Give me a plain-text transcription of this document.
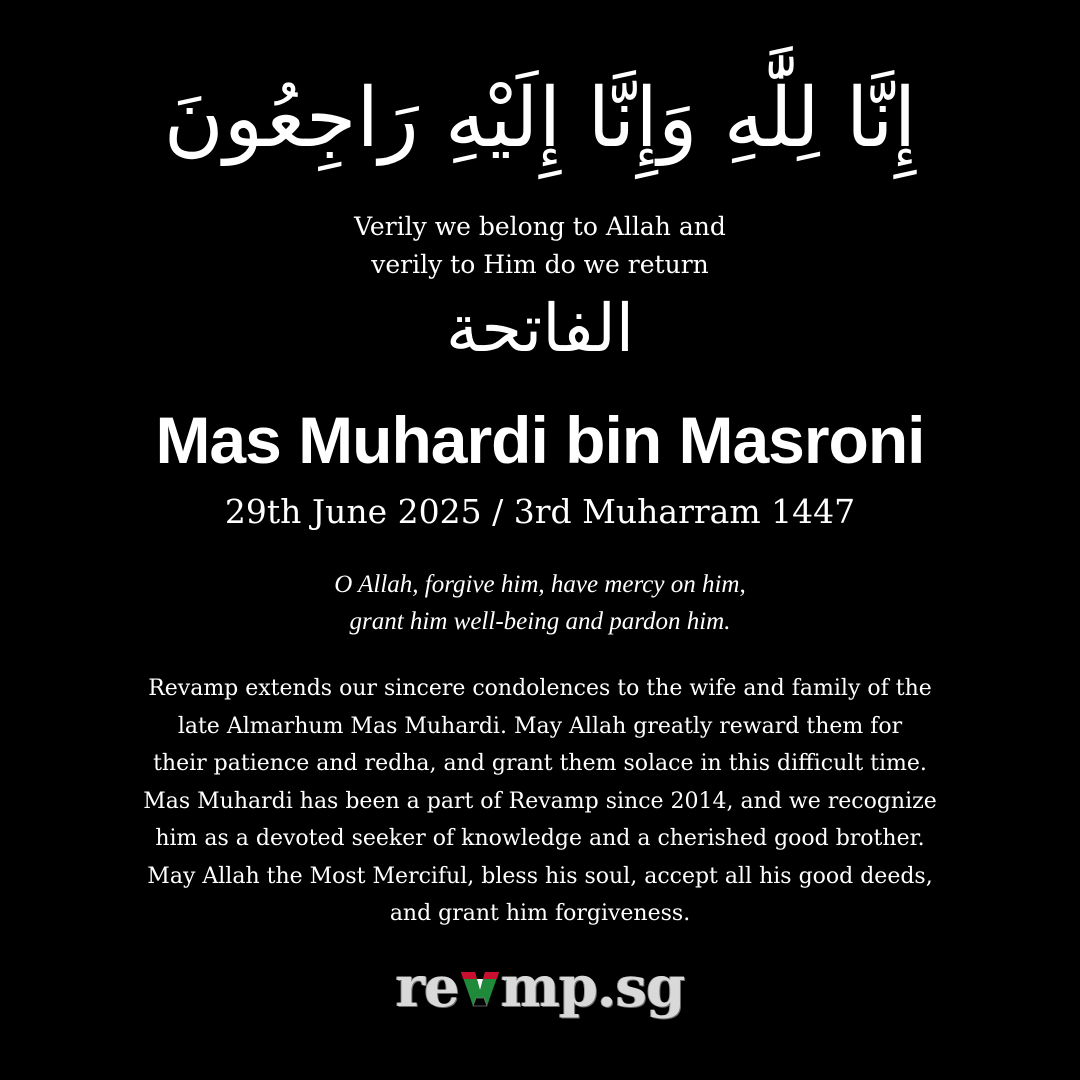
إِنَّا لِلَّٰهِ وَإِنَّا إِلَيْهِ رَاجِعُونَ
Verily we belong to Allah and
verily to Him do we return
الفاتحة
Mas Muhardi bin Masroni
29th June 2025 / 3rd Muharram 1447
O Allah, forgive him, have mercy on him,
grant him well-being and pardon him.
Revamp extends our sincere condolences to the wife and family of the
late Almarhum Mas Muhardi. May Allah greatly reward them for
their patience and redha, and grant them solace in this difficult time.
Mas Muhardi has been a part of Revamp since 2014, and we recognize
him as a devoted seeker of knowledge and a cherished good brother.
May Allah the Most Merciful, bless his soul, accept all his good deeds,
and grant him forgiveness.
re mp.sg
